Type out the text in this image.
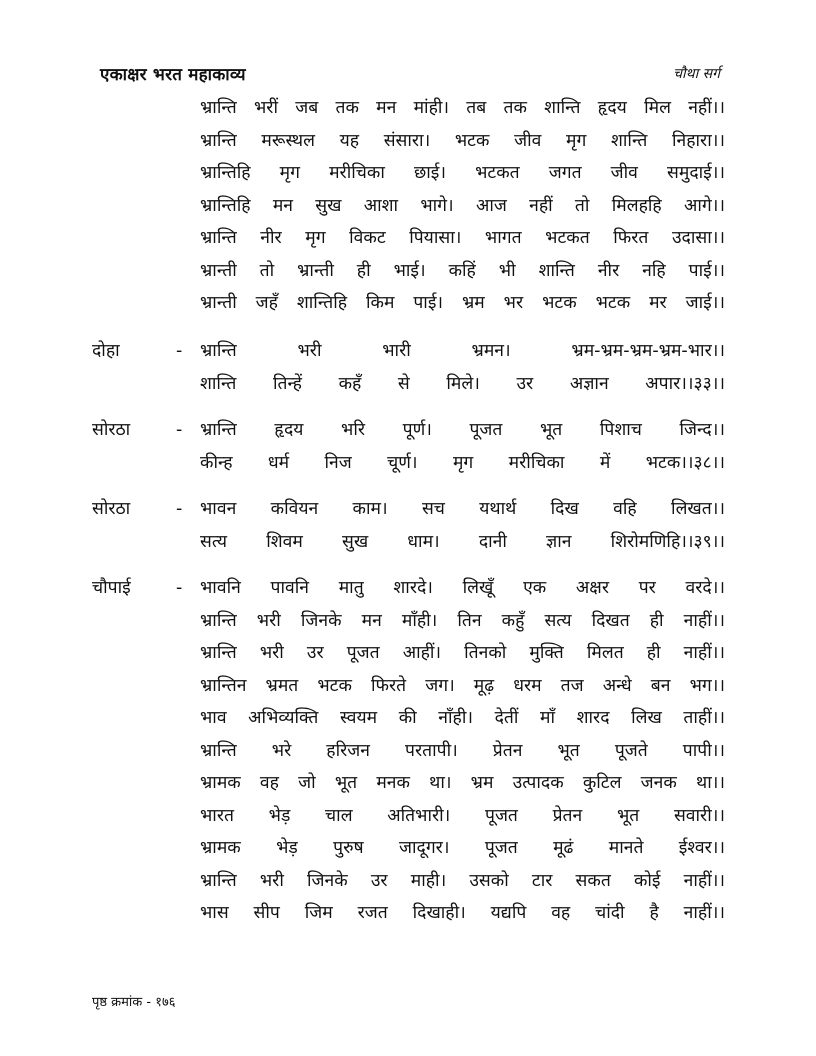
एकाक्षर भरत महाकाव्य	चौथा सर्ग
भ्रान्ति भरीं जब तक मन मांही। तब तक शान्ति हृदय मिल नहीं।।
भ्रान्ति मरूस्थल यह संसारा। भटक जीव मृग शान्ति निहारा।।
भ्रान्तिहि मृग मरीचिका छाई। भटकत जगत जीव समुदाई।।
भ्रान्तिहि मन सुख आशा भागे। आज नहीं तो मिलहहि आगे।।
भ्रान्ति नीर मृग विकट पियासा। भागत भटकत फिरत उदासा।।
भ्रान्ती तो भ्रान्ती ही भाई। कहिं भी शान्ति नीर नहि पाई।।
भ्रान्ती जहँ शान्तिहि किम पाई। भ्रम भर भटक भटक मर जाई।।
दोहा	- भ्रान्ति भरी भारी भ्रमन। भ्रम-भ्रम-भ्रम-भ्रम-भार।।
शान्ति तिन्हें कहँ से मिले। उर अज्ञान अपार।।३३।।
सोरठा	- भ्रान्ति हृदय भरि पूर्ण। पूजत भूत पिशाच जिन्द।।
कीन्ह धर्म निज चूर्ण। मृग मरीचिका में भटक।।३८।।
सोरठा	- भावन कवियन काम। सच यथार्थ दिख वहि लिखत।।
सत्य शिवम सुख धाम। दानी ज्ञान शिरोमणिहि।।३९।।
चौपाई	- भावनि पावनि मातु शारदे। लिखूँ एक अक्षर पर वरदे।।
भ्रान्ति भरी जिनके मन माँही। तिन कहुँ सत्य दिखत ही नाहीं।।
भ्रान्ति भरी उर पूजत आहीं। तिनको मुक्ति मिलत ही नाहीं।।
भ्रान्तिन भ्रमत भटक फिरते जग। मूढ़ धरम तज अन्धे बन भग।।
भाव अभिव्यक्ति स्वयम की नाँही। देतीं माँ शारद लिख ताहीं।।
भ्रान्ति भरे हरिजन परतापी। प्रेतन भूत पूजते पापी।।
भ्रामक वह जो भूत मनक था। भ्रम उत्पादक कुटिल जनक था।।
भारत भेड़ चाल अतिभारी। पूजत प्रेतन भूत सवारी।।
भ्रामक भेड़ पुरुष जादूगर। पूजत मूढं मानते ईश्वर।।
भ्रान्ति भरी जिनके उर माही। उसको टार सकत कोई नाहीं।।
भास सीप जिम रजत दिखाही। यद्यपि वह चांदी है नाहीं।।
पृष्ठ क्रमांक - १७६
